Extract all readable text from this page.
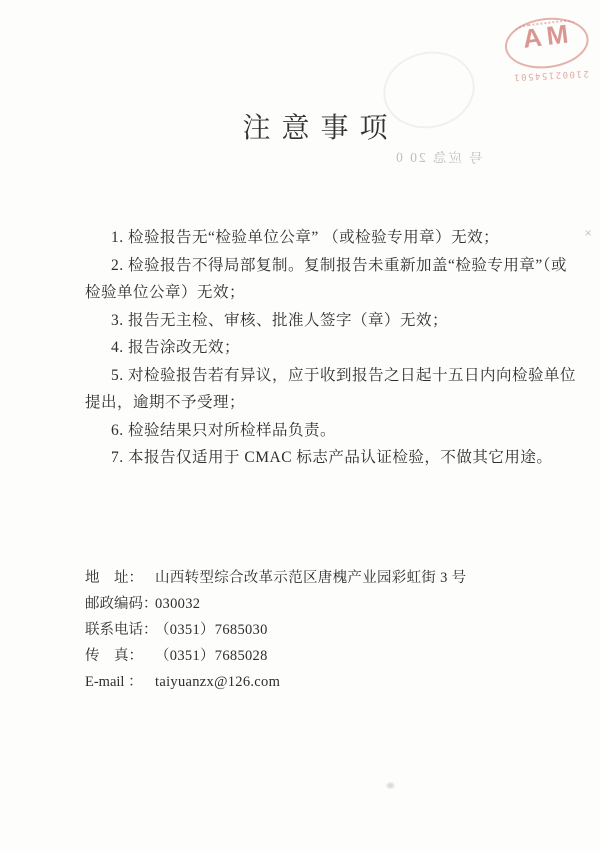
AM
21002154501
注 意 事 项
号 应急 20 0
1. 检验报告无“检验单位公章” （或检验专用章）无效；
2. 检验报告不得局部复制。复制报告未重新加盖“检验专用章”（或
检验单位公章）无效；
3. 报告无主检、审核、批准人签字（章）无效；
4. 报告涂改无效；
5. 对检验报告若有异议，应于收到报告之日起十五日内向检验单位
提出，逾期不予受理；
6. 检验结果只对所检样品负责。
7. 本报告仅适用于 CMAC 标志产品认证检验，不做其它用途。
地　址： 山西转型综合改革示范区唐槐产业园彩虹街 3 号
邮政编码：030032
联系电话：（0351）7685030
传　真： （0351）7685028
E-mail ： taiyuanzx@126.com
×
